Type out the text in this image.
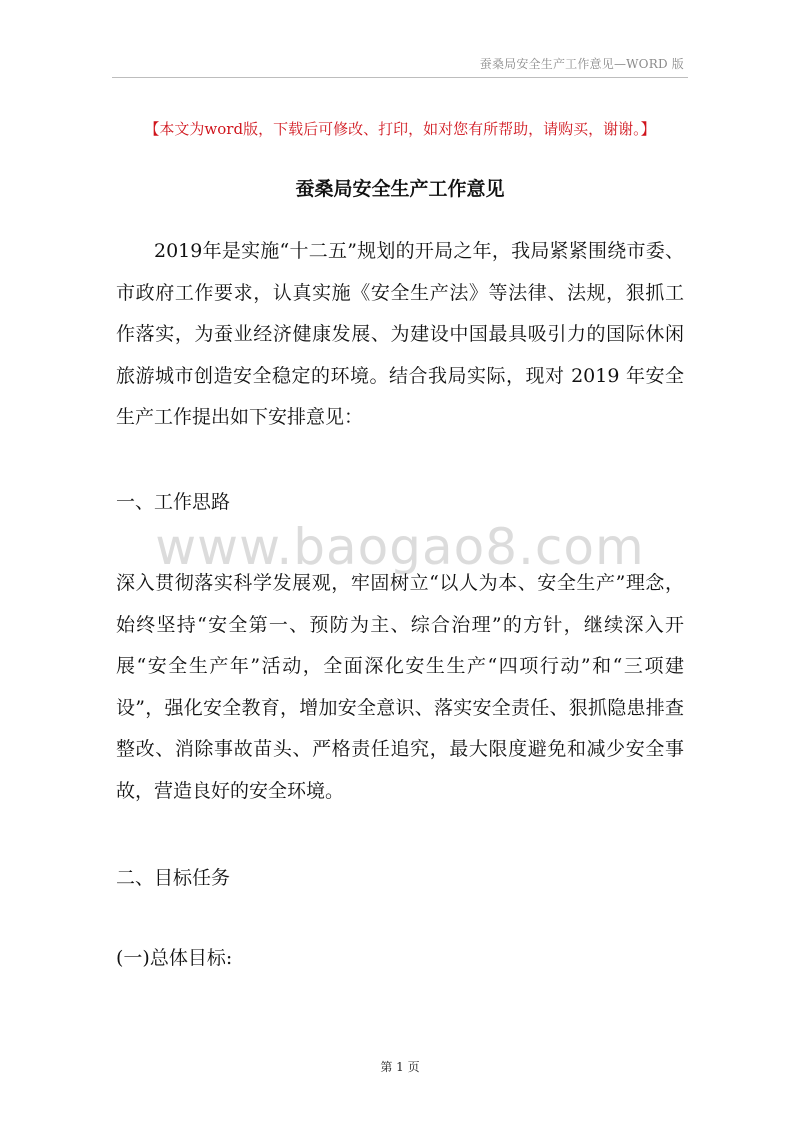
蚕桑局安全生产工作意见—WORD 版
【本文为word版，下载后可修改、打印，如对您有所帮助，请购买，谢谢。】
蚕桑局安全生产工作意见
2019年是实施“十二五”规划的开局之年，我局紧紧围绕市委、市政府工作要求，认真实施《安全生产法》等法律、法规，狠抓工作落实，为蚕业经济健康发展、为建设中国最具吸引力的国际休闲旅游城市创造安全稳定的环境。结合我局实际，现对 2019 年安全生产工作提出如下安排意见：
一、工作思路
www.baogao8.com
深入贯彻落实科学发展观，牢固树立“以人为本、安全生产”理念，始终坚持“安全第一、预防为主、综合治理”的方针，继续深入开展“安全生产年”活动，全面深化安生生产“四项行动”和“三项建设”，强化安全教育，增加安全意识、落实安全责任、狠抓隐患排查整改、消除事故苗头、严格责任追究，最大限度避免和减少安全事故，营造良好的安全环境。
二、目标任务
(一)总体目标:
第 1 页
